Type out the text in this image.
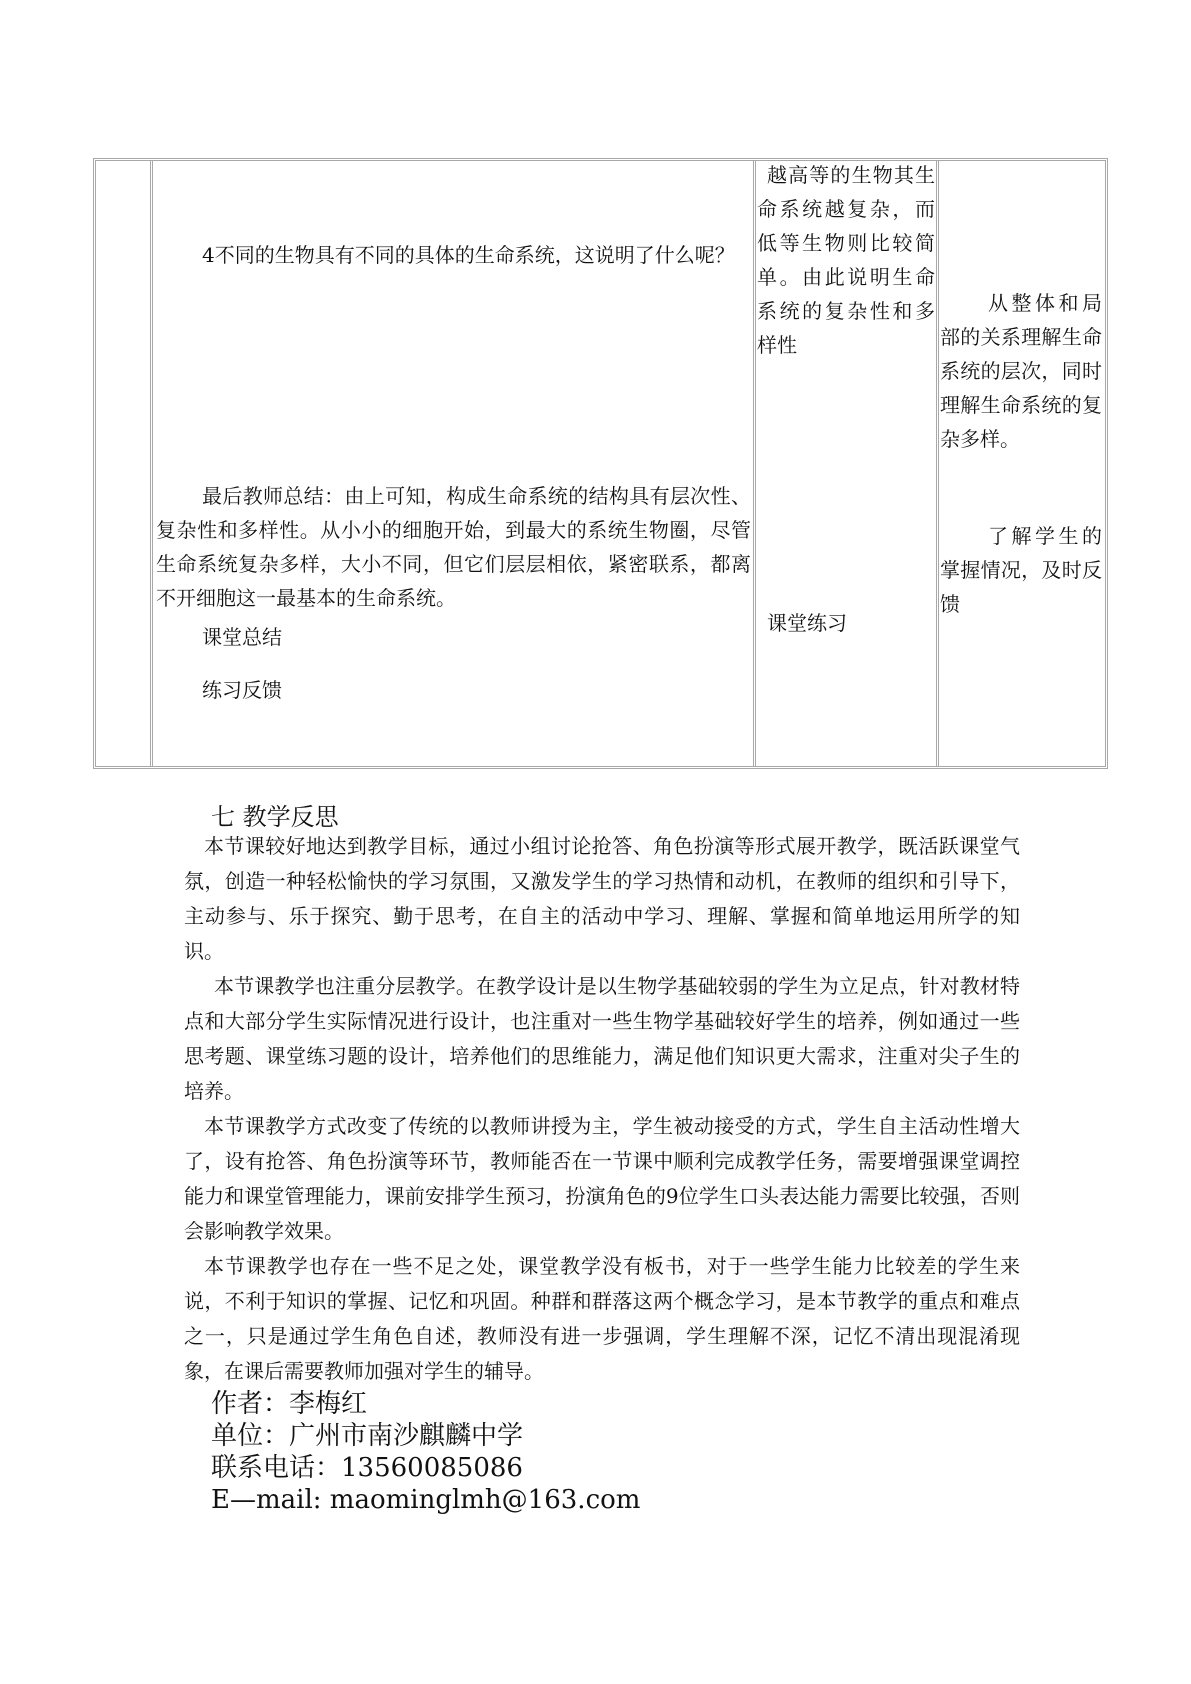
4不同的生物具有不同的具体的生命系统，这说明了什么呢？

最后教师总结：由上可知，构成生命系统的结构具有层次性、复杂性和多样性。从小小的细胞开始，到最大的系统生物圈，尽管生命系统复杂多样，大小不同，但它们层层相依，紧密联系，都离不开细胞这一最基本的生命系统。

课堂总结

练习反馈

越高等的生物其生命系统越复杂，而低等生物则比较简单。由此说明生命系统的复杂性和多样性

课堂练习

从整体和局部的关系理解生命系统的层次，同时理解生命系统的复杂多样。

了解学生的掌握情况，及时反馈

七 教学反思

本节课较好地达到教学目标，通过小组讨论抢答、角色扮演等形式展开教学，既活跃课堂气氛，创造一种轻松愉快的学习氛围，又激发学生的学习热情和动机，在教师的组织和引导下，主动参与、乐于探究、勤于思考，在自主的活动中学习、理解、掌握和简单地运用所学的知识。

本节课教学也注重分层教学。在教学设计是以生物学基础较弱的学生为立足点，针对教材特点和大部分学生实际情况进行设计，也注重对一些生物学基础较好学生的培养，例如通过一些思考题、课堂练习题的设计，培养他们的思维能力，满足他们知识更大需求，注重对尖子生的培养。

本节课教学方式改变了传统的以教师讲授为主，学生被动接受的方式，学生自主活动性增大了，设有抢答、角色扮演等环节，教师能否在一节课中顺利完成教学任务，需要增强课堂调控能力和课堂管理能力，课前安排学生预习，扮演角色的9位学生口头表达能力需要比较强，否则会影响教学效果。

本节课教学也存在一些不足之处，课堂教学没有板书，对于一些学生能力比较差的学生来说，不利于知识的掌握、记忆和巩固。种群和群落这两个概念学习，是本节教学的重点和难点之一，只是通过学生角色自述，教师没有进一步强调，学生理解不深，记忆不清出现混淆现象，在课后需要教师加强对学生的辅导。

作者：李梅红

单位：广州市南沙麒麟中学

联系电话：13560085086

E—mail: maominglmh@163.com
